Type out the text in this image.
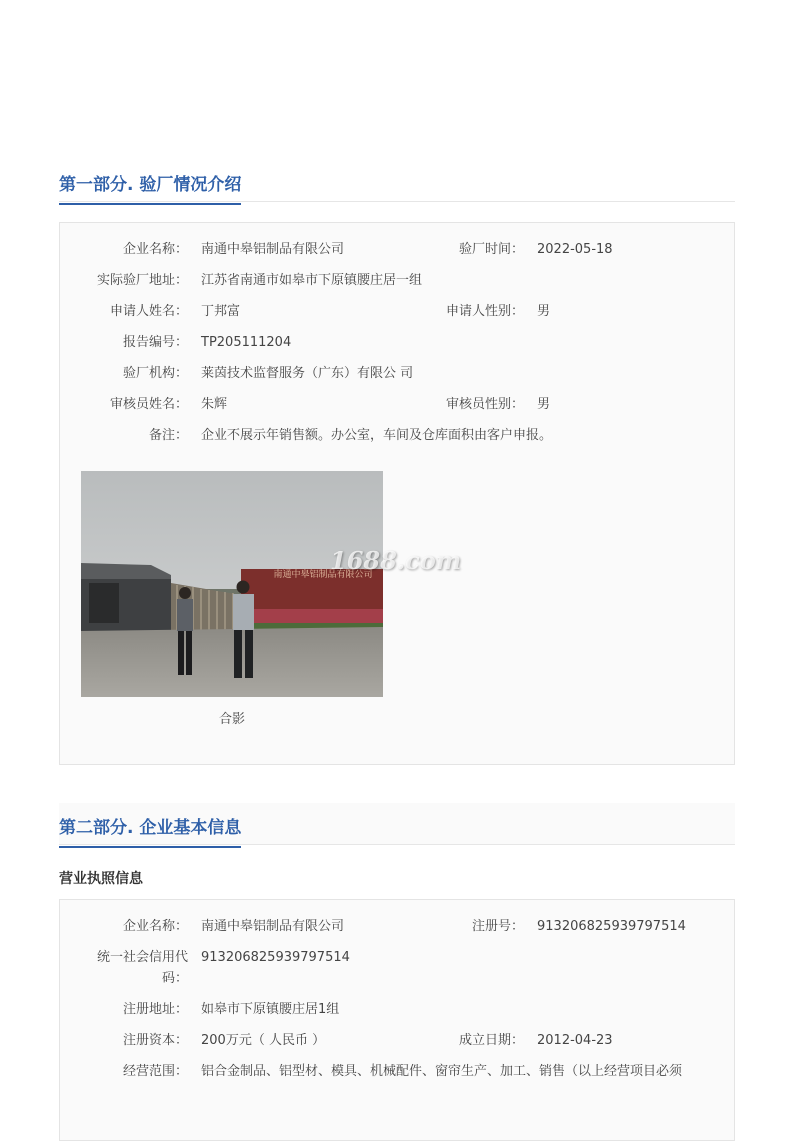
第一部分. 验厂情况介绍
企业名称： 南通中皋铝制品有限公司	验厂时间： 2022-05-18
实际验厂地址： 江苏省南通市如皋市下原镇腰庄居一组
申请人姓名： 丁邦富	申请人性别： 男
报告编号： TP205111204
验厂机构： 莱茵技术监督服务（广东）有限公 司
审核员姓名： 朱辉	审核员性别： 男
备注： 企业不展示年销售额。办公室，车间及仓库面积由客户申报。
南通中皋铝制品有限公司
1688.com
合影
第二部分. 企业基本信息
营业执照信息
企业名称： 南通中皋铝制品有限公司	注册号： 913206825939797514
统一社会信用代码：
913206825939797514
注册地址： 如皋市下原镇腰庄居1组
注册资本： 200万元（ 人民币 ）	成立日期： 2012-04-23
经营范围： 铝合金制品、铝型材、模具、机械配件、窗帘生产、加工、销售（以上经营项目必须
